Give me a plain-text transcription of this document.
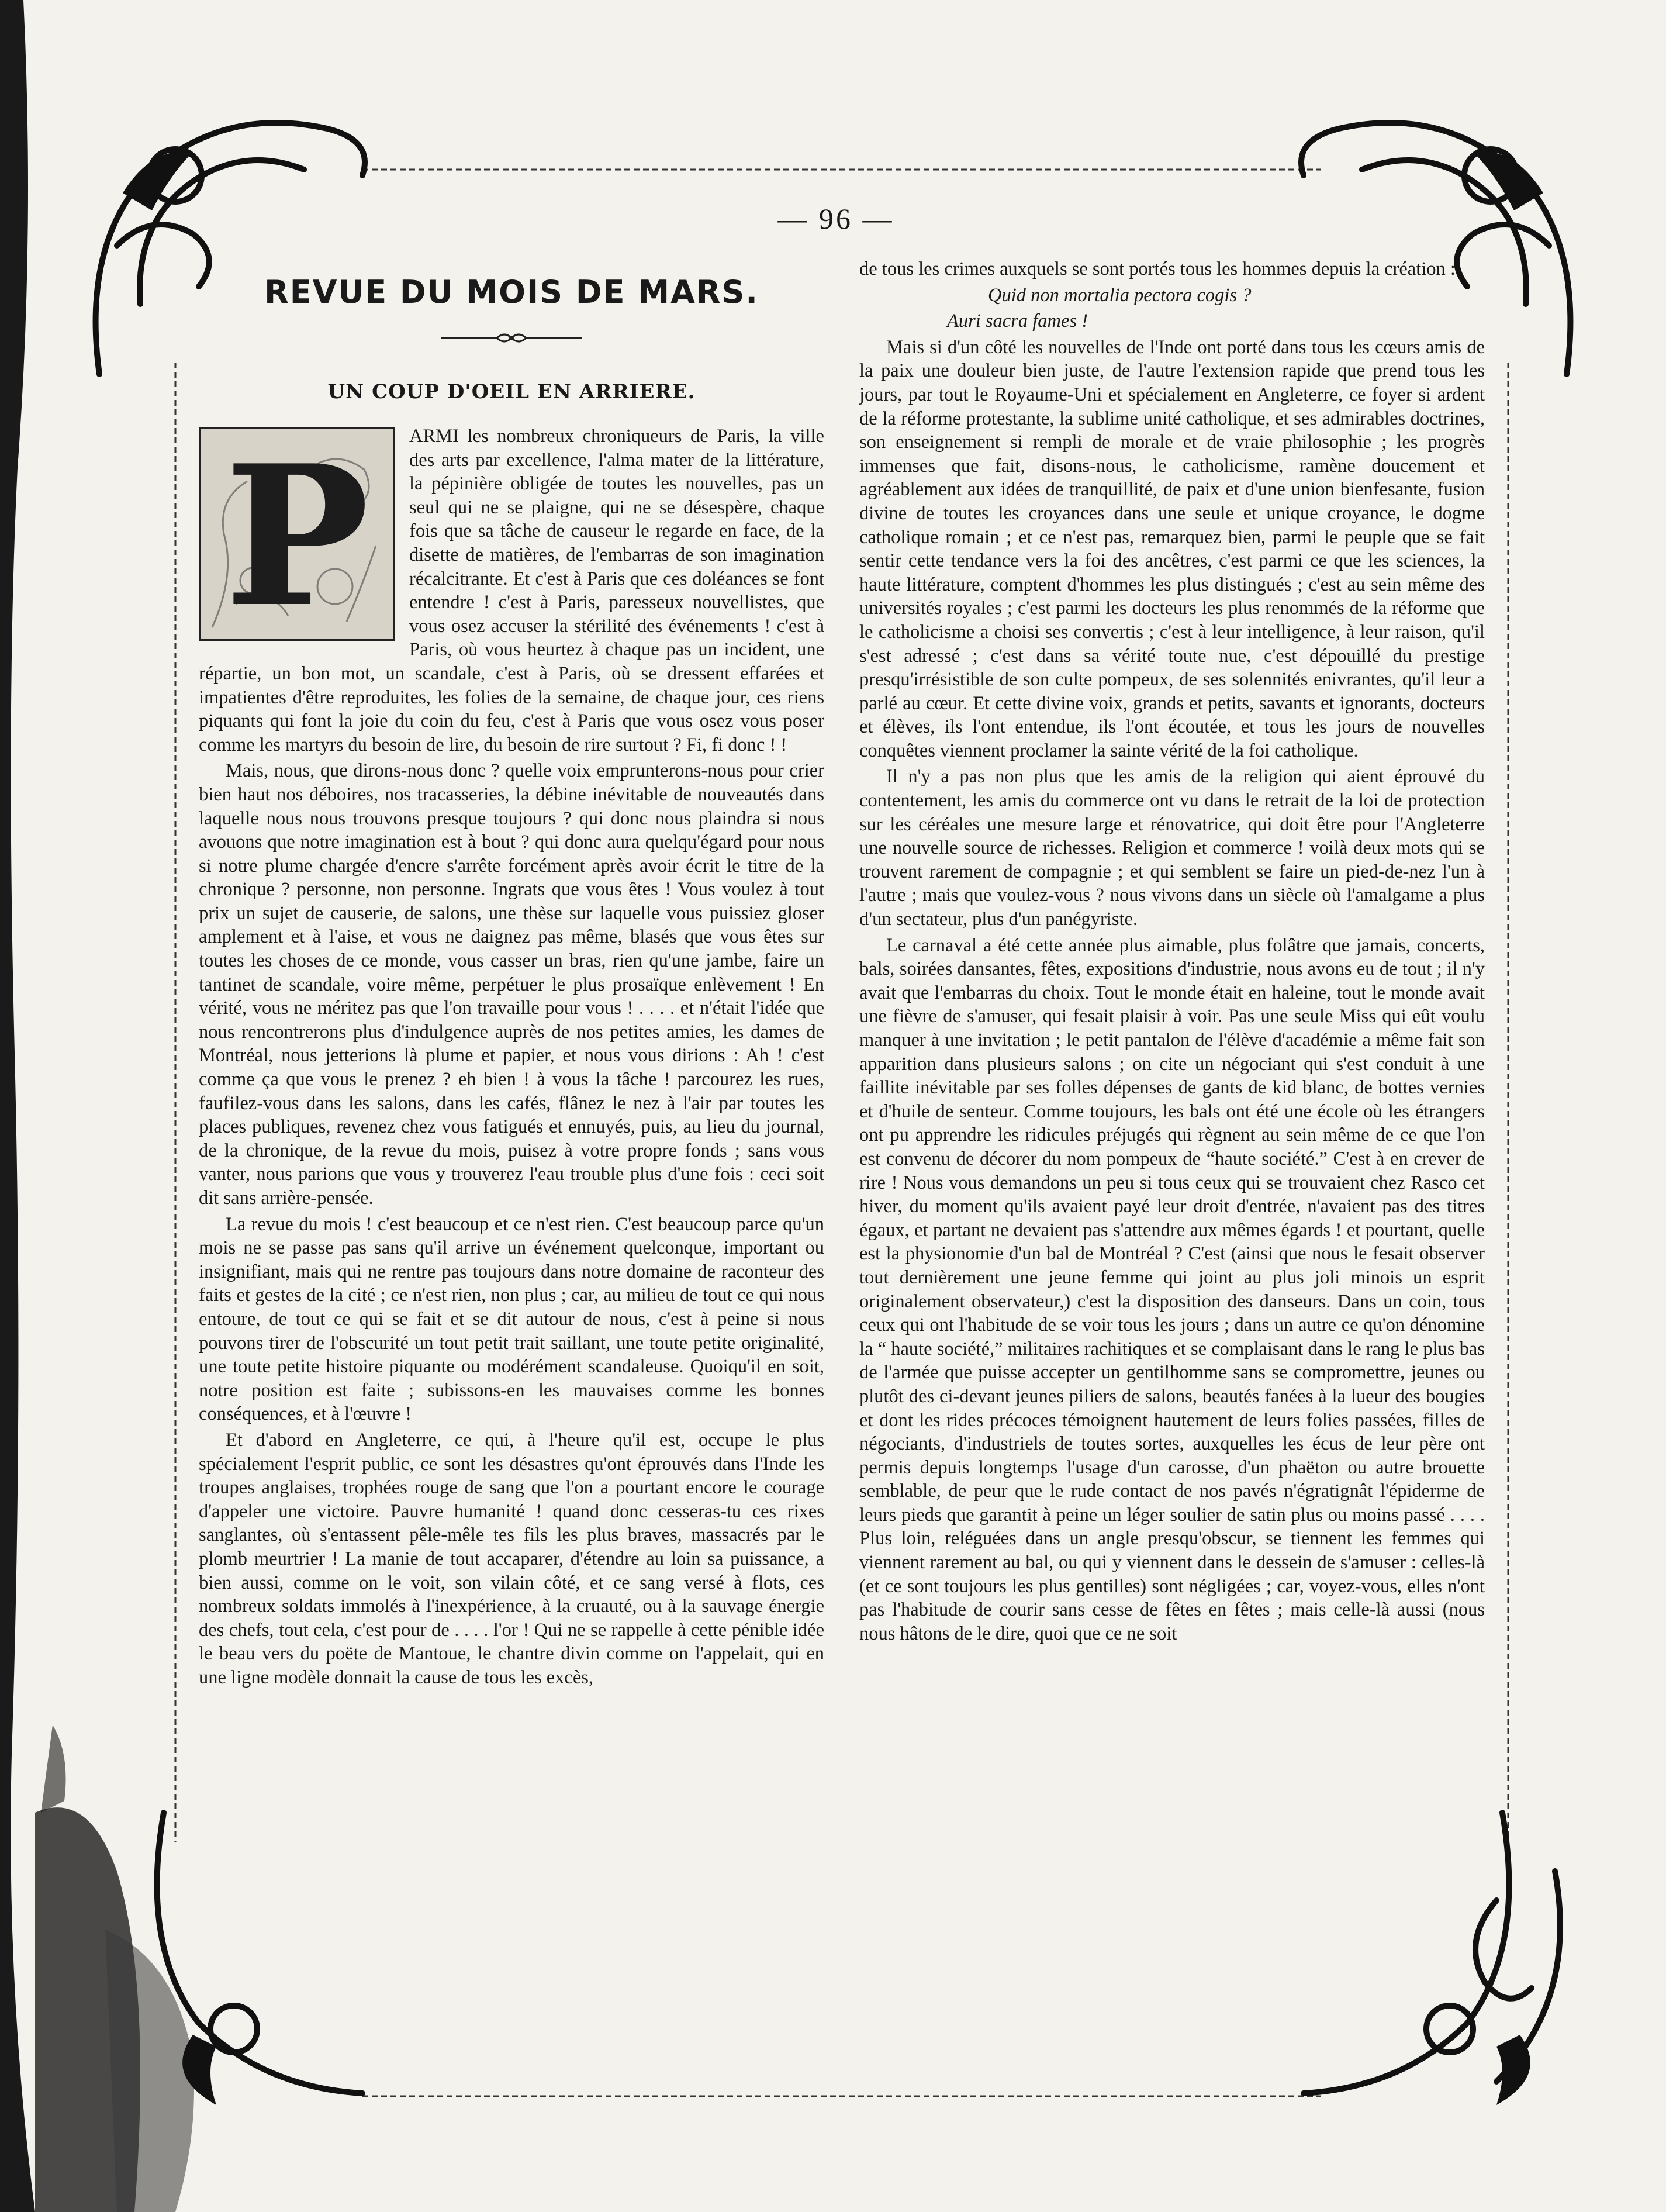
— 96 —
REVUE DU MOIS DE MARS.
UN COUP D'OEIL EN ARRIERE.
P	ARMI les nombreux chroniqueurs de Paris, la ville des arts par excellence, l'alma mater de la littérature, la pépinière obligée de toutes les nouvelles, pas un seul qui ne se plaigne, qui ne se désespère, chaque fois que sa tâche de causeur le regarde en face, de la disette de matières, de l'embarras de son imagination récalcitrante. Et c'est à Paris que ces doléances se font entendre ! c'est à Paris, paresseux nouvellistes, que vous osez accuser la stérilité des événements ! c'est à Paris, où vous heurtez à chaque pas un incident, une répartie, un bon mot, un scandale, c'est à Paris, où se dressent effarées et impatientes d'être reproduites, les folies de la semaine, de chaque jour, ces riens piquants qui font la joie du coin du feu, c'est à Paris que vous osez vous poser comme les martyrs du besoin de lire, du besoin de rire surtout ? Fi, fi donc ! !

Mais, nous, que dirons-nous donc ? quelle voix emprunterons-nous pour crier bien haut nos déboires, nos tracasseries, la débine inévitable de nouveautés dans laquelle nous nous trouvons presque toujours ? qui donc nous plaindra si nous avouons que notre imagination est à bout ? qui donc aura quelqu'égard pour nous si notre plume chargée d'encre s'arrête forcément après avoir écrit le titre de la chronique ? personne, non personne. Ingrats que vous êtes ! Vous voulez à tout prix un sujet de causerie, de salons, une thèse sur laquelle vous puissiez gloser amplement et à l'aise, et vous ne daignez pas même, blasés que vous êtes sur toutes les choses de ce monde, vous casser un bras, rien qu'une jambe, faire un tantinet de scandale, voire même, perpétuer le plus prosaïque enlèvement ! En vérité, vous ne méritez pas que l'on travaille pour vous ! . . . . et n'était l'idée que nous rencontrerons plus d'indulgence auprès de nos petites amies, les dames de Montréal, nous jetterions là plume et papier, et nous vous dirions : Ah ! c'est comme ça que vous le prenez ? eh bien ! à vous la tâche ! parcourez les rues, faufilez-vous dans les salons, dans les cafés, flânez le nez à l'air par toutes les places publiques, revenez chez vous fatigués et ennuyés, puis, au lieu du journal, de la chronique, de la revue du mois, puisez à votre propre fonds ; sans vous vanter, nous parions que vous y trouverez l'eau trouble plus d'une fois : ceci soit dit sans arrière-pensée.

La revue du mois ! c'est beaucoup et ce n'est rien. C'est beaucoup parce qu'un mois ne se passe pas sans qu'il arrive un événement quelconque, important ou insignifiant, mais qui ne rentre pas toujours dans notre domaine de raconteur des faits et gestes de la cité ; ce n'est rien, non plus ; car, au milieu de tout ce qui nous entoure, de tout ce qui se fait et se dit autour de nous, c'est à peine si nous pouvons tirer de l'obscurité un tout petit trait saillant, une toute petite originalité, une toute petite histoire piquante ou modérément scandaleuse. Quoiqu'il en soit, notre position est faite ; subissons-en les mauvaises comme les bonnes conséquences, et à l'œuvre !

Et d'abord en Angleterre, ce qui, à l'heure qu'il est, occupe le plus spécialement l'esprit public, ce sont les désastres qu'ont éprouvés dans l'Inde les troupes anglaises, trophées rouge de sang que l'on a pourtant encore le courage d'appeler une victoire. Pauvre humanité ! quand donc cesseras-tu ces rixes sanglantes, où s'entassent pêle-mêle tes fils les plus braves, massacrés par le plomb meurtrier ! La manie de tout accaparer, d'étendre au loin sa puissance, a bien aussi, comme on le voit, son vilain côté, et ce sang versé à flots, ces nombreux soldats immolés à l'inexpérience, à la cruauté, ou à la sauvage énergie des chefs, tout cela, c'est pour de . . . . l'or ! Qui ne se rappelle à cette pénible idée le beau vers du poëte de Mantoue, le chantre divin comme on l'appelait, qui en une ligne modèle donnait la cause de tous les excès,

de tous les crimes auxquels se sont portés tous les hommes depuis la création :

Quid non mortalia pectora cogis ?

Auri sacra fames !

Mais si d'un côté les nouvelles de l'Inde ont porté dans tous les cœurs amis de la paix une douleur bien juste, de l'autre l'extension rapide que prend tous les jours, par tout le Royaume-Uni et spécialement en Angleterre, ce foyer si ardent de la réforme protestante, la sublime unité catholique, et ses admirables doctrines, son enseignement si rempli de morale et de vraie philosophie ; les progrès immenses que fait, disons-nous, le catholicisme, ramène doucement et agréablement aux idées de tranquillité, de paix et d'une union bienfesante, fusion divine de toutes les croyances dans une seule et unique croyance, le dogme catholique romain ; et ce n'est pas, remarquez bien, parmi le peuple que se fait sentir cette tendance vers la foi des ancêtres, c'est parmi ce que les sciences, la haute littérature, comptent d'hommes les plus distingués ; c'est au sein même des universités royales ; c'est parmi les docteurs les plus renommés de la réforme que le catholicisme a choisi ses convertis ; c'est à leur intelligence, à leur raison, qu'il s'est adressé ; c'est dans sa vérité toute nue, c'est dépouillé du prestige presqu'irrésistible de son culte pompeux, de ses solennités enivrantes, qu'il leur a parlé au cœur. Et cette divine voix, grands et petits, savants et ignorants, docteurs et élèves, ils l'ont entendue, ils l'ont écoutée, et tous les jours de nouvelles conquêtes viennent proclamer la sainte vérité de la foi catholique.

Il n'y a pas non plus que les amis de la religion qui aient éprouvé du contentement, les amis du commerce ont vu dans le retrait de la loi de protection sur les céréales une mesure large et rénovatrice, qui doit être pour l'Angleterre une nouvelle source de richesses. Religion et commerce ! voilà deux mots qui se trouvent rarement de compagnie ; et qui semblent se faire un pied-de-nez l'un à l'autre ; mais que voulez-vous ? nous vivons dans un siècle où l'amalgame a plus d'un sectateur, plus d'un panégyriste.

Le carnaval a été cette année plus aimable, plus folâtre que jamais, concerts, bals, soirées dansantes, fêtes, expositions d'industrie, nous avons eu de tout ; il n'y avait que l'embarras du choix. Tout le monde était en haleine, tout le monde avait une fièvre de s'amuser, qui fesait plaisir à voir. Pas une seule Miss qui eût voulu manquer à une invitation ; le petit pantalon de l'élève d'académie a même fait son apparition dans plusieurs salons ; on cite un négociant qui s'est conduit à une faillite inévitable par ses folles dépenses de gants de kid blanc, de bottes vernies et d'huile de senteur. Comme toujours, les bals ont été une école où les étrangers ont pu apprendre les ridicules préjugés qui règnent au sein même de ce que l'on est convenu de décorer du nom pompeux de “haute société.” C'est à en crever de rire ! Nous vous demandons un peu si tous ceux qui se trouvaient chez Rasco cet hiver, du moment qu'ils avaient payé leur droit d'entrée, n'avaient pas des titres égaux, et partant ne devaient pas s'attendre aux mêmes égards ! et pourtant, quelle est la physionomie d'un bal de Montréal ? C'est (ainsi que nous le fesait observer tout dernièrement une jeune femme qui joint au plus joli minois un esprit originalement observateur,) c'est la disposition des danseurs. Dans un coin, tous ceux qui ont l'habitude de se voir tous les jours ; dans un autre ce qu'on dénomine la “ haute société,” militaires rachitiques et se complaisant dans le rang le plus bas de l'armée que puisse accepter un gentilhomme sans se compromettre, jeunes ou plutôt des ci-devant jeunes piliers de salons, beautés fanées à la lueur des bougies et dont les rides précoces témoignent hautement de leurs folies passées, filles de négociants, d'industriels de toutes sortes, auxquelles les écus de leur père ont permis depuis longtemps l'usage d'un carosse, d'un phaëton ou autre brouette semblable, de peur que le rude contact de nos pavés n'égratignât l'épiderme de leurs pieds que garantit à peine un léger soulier de satin plus ou moins passé . . . . Plus loin, reléguées dans un angle presqu'obscur, se tiennent les femmes qui viennent rarement au bal, ou qui y viennent dans le dessein de s'amuser : celles-là (et ce sont toujours les plus gentilles) sont négligées ; car, voyez-vous, elles n'ont pas l'habitude de courir sans cesse de fêtes en fêtes ; mais celle-là aussi (nous nous hâtons de le dire, quoi que ce ne soit
